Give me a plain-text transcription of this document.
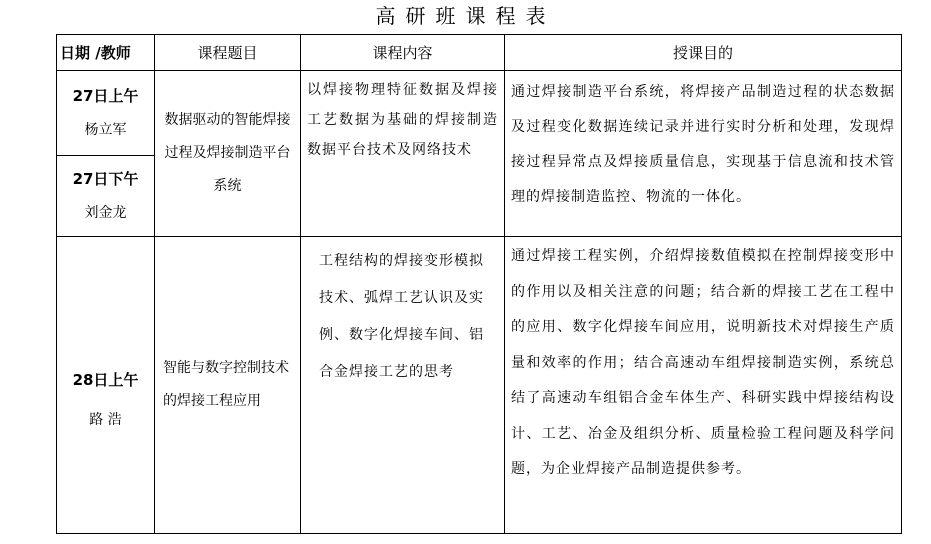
高研班课程表
日期 /教师	课程题目	课程内容	授课目的

27日上午
杨立军	数据驱动的智能焊接过程及焊接制造平台系统	以焊接物理特征数据及焊接工艺数据为基础的焊接制造数据平台技术及网络技术	通过焊接制造平台系统，将焊接产品制造过程的状态数据及过程变化数据连续记录并进行实时分析和处理，发现焊接过程异常点及焊接质量信息，实现基于信息流和技术管理的焊接制造监控、物流的一体化。

27日下午
刘金龙			

28日上午
路 浩	智能与数字控制技术的焊接工程应用	工程结构的焊接变形模拟技术、弧焊工艺认识及实例、数字化焊接车间、铝合金焊接工艺的思考	通过焊接工程实例，介绍焊接数值模拟在控制焊接变形中的作用以及相关注意的问题；结合新的焊接工艺在工程中的应用、数字化焊接车间应用，说明新技术对焊接生产质量和效率的作用；结合高速动车组焊接制造实例，系统总结了高速动车组铝合金车体生产、科研实践中焊接结构设计、工艺、冶金及组织分析、质量检验工程问题及科学问题，为企业焊接产品制造提供参考。
